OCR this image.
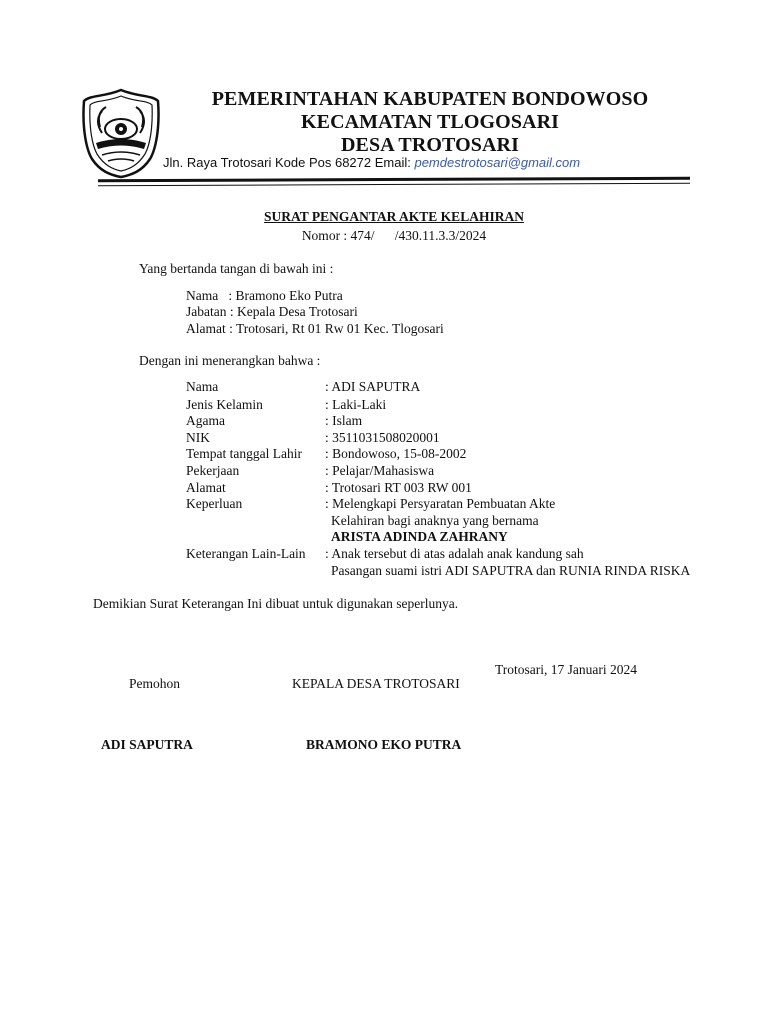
PEMERINTAHAN KABUPATEN BONDOWOSO
KECAMATAN TLOGOSARI
DESA TROTOSARI
Jln. Raya Trotosari Kode Pos 68272 Email: pemdestrotosari@gmail.com
SURAT PENGANTAR AKTE KELAHIRAN
Nomor : 474/      /430.11.3.3/2024
Yang bertanda tangan di bawah ini :
Nama   : Bramono Eko Putra
Jabatan : Kepala Desa Trotosari
Alamat : Trotosari, Rt 01 Rw 01 Kec. Tlogosari
Dengan ini menerangkan bahwa :
Nama	: ADI SAPUTRA
Jenis Kelamin	: Laki-Laki
Agama	: Islam
NIK	: 3511031508020001
Tempat tanggal Lahir : Bondowoso, 15-08-2002
Pekerjaan	: Pelajar/Mahasiswa
Alamat	: Trotosari RT 003 RW 001
Keperluan	: Melengkapi Persyaratan Pembuatan Akte
Kelahiran bagi anaknya yang bernama
ARISTA ADINDA ZAHRANY
Keterangan Lain-Lain : Anak tersebut di atas adalah anak kandung sah
Pasangan suami istri ADI SAPUTRA dan RUNIA RINDA RISKA
Demikian Surat Keterangan Ini dibuat untuk digunakan seperlunya.
Trotosari, 17 Januari 2024
Pemohon	KEPALA DESA TROTOSARI
ADI SAPUTRA	BRAMONO EKO PUTRA
